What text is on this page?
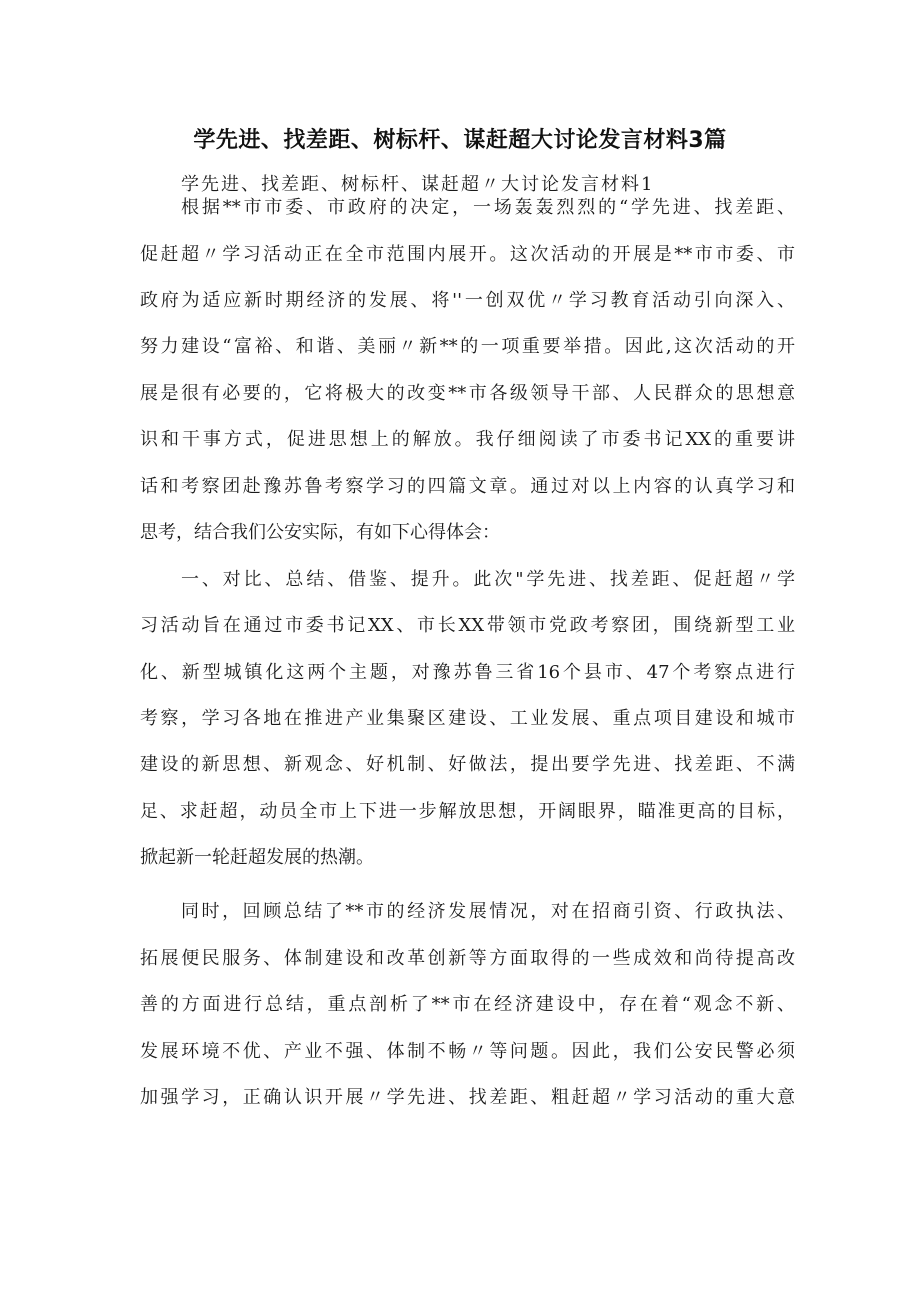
学先进、找差距、树标杆、谋赶超大讨论发言材料3篇
学先进、找差距、树标杆、谋赶超〃大讨论发言材料1
根据**市市委、市政府的决定，一场轰轰烈烈的“学先进、找差距、
促赶超〃学习活动正在全市范围内展开。这次活动的开展是**市市委、市
政府为适应新时期经济的发展、将''一创双优〃学习教育活动引向深入、
努力建设“富裕、和谐、美丽〃新**的一项重要举措。因此,这次活动的开
展是很有必要的，它将极大的改变**市各级领导干部、人民群众的思想意
识和干事方式，促进思想上的解放。我仔细阅读了市委书记XX的重要讲
话和考察团赴豫苏鲁考察学习的四篇文章。通过对以上内容的认真学习和
思考，结合我们公安实际，有如下心得体会：
一、对比、总结、借鉴、提升。此次"学先进、找差距、促赶超〃学
习活动旨在通过市委书记XX、市长XX带领市党政考察团，围绕新型工业
化、新型城镇化这两个主题，对豫苏鲁三省16个县市、47个考察点进行
考察，学习各地在推进产业集聚区建设、工业发展、重点项目建设和城市
建设的新思想、新观念、好机制、好做法，提出要学先进、找差距、不满
足、求赶超，动员全市上下进一步解放思想，开阔眼界，瞄准更高的目标，
掀起新一轮赶超发展的热潮。
同时，回顾总结了**市的经济发展情况，对在招商引资、行政执法、
拓展便民服务、体制建设和改革创新等方面取得的一些成效和尚待提高改
善的方面进行总结，重点剖析了**市在经济建设中，存在着“观念不新、
发展环境不优、产业不强、体制不畅〃等问题。因此，我们公安民警必须
加强学习，正确认识开展〃学先进、找差距、粗赶超〃学习活动的重大意
